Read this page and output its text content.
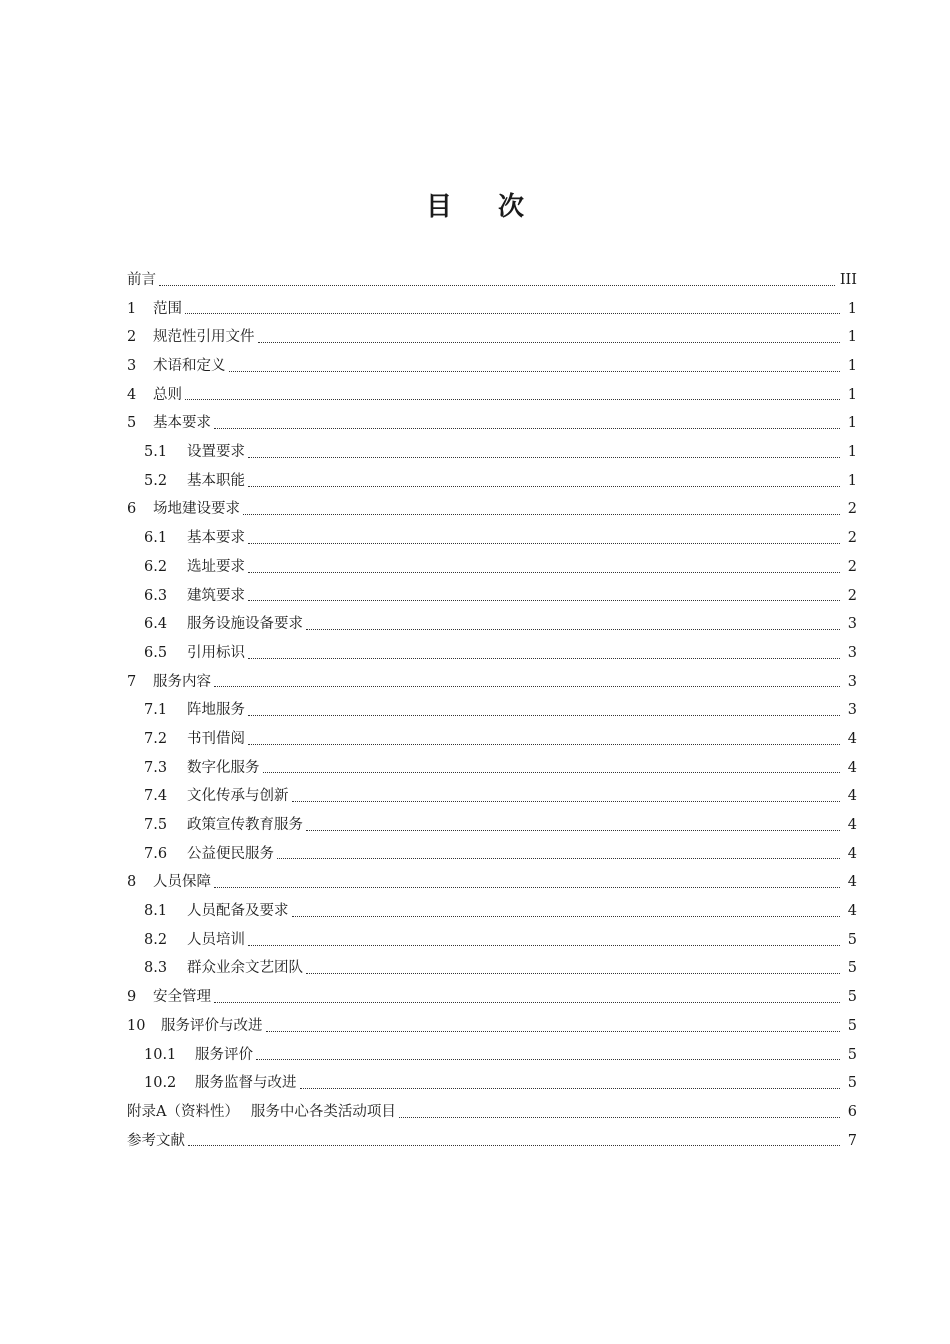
目 次
前言	III
1	范围	1
2	规范性引用文件	1
3	术语和定义	1
4	总则	1
5	基本要求	1
5.1	设置要求	1
5.2	基本职能	1
6	场地建设要求	2
6.1	基本要求	2
6.2	选址要求	2
6.3	建筑要求	2
6.4	服务设施设备要求	3
6.5	引用标识	3
7	服务内容	3
7.1	阵地服务	3
7.2	书刊借阅	4
7.3	数字化服务	4
7.4	文化传承与创新	4
7.5	政策宣传教育服务	4
7.6	公益便民服务	4
8	人员保障	4
8.1	人员配备及要求	4
8.2	人员培训	5
8.3	群众业余文艺团队	5
9	安全管理	5
10	服务评价与改进	5
10.1	服务评价	5
10.2	服务监督与改进	5
附录A（资料性）　 服务中心各类活动项目	6
参考文献	7
